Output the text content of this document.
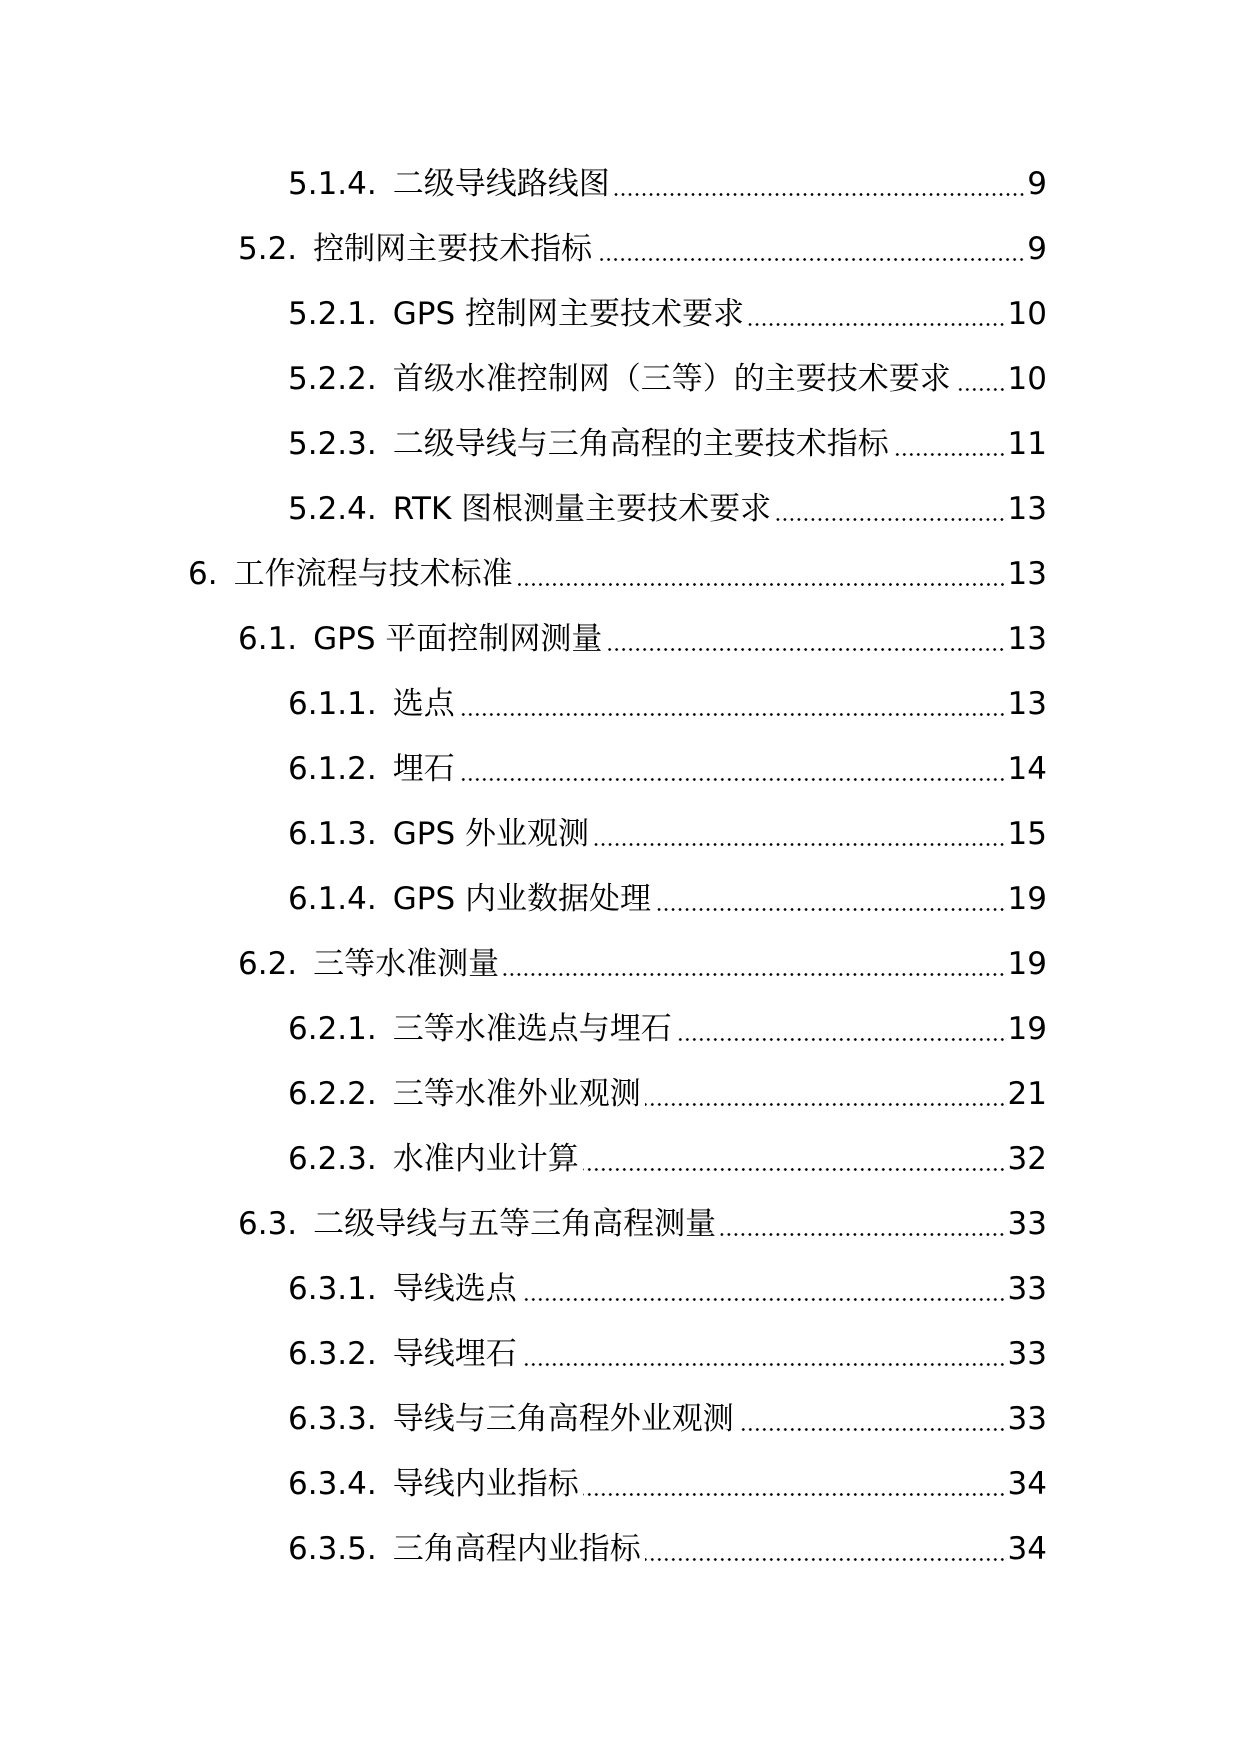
5.1.4. 二级导线路线图	9
5.2. 控制网主要技术指标	9
5.2.1. GPS 控制网主要技术要求	10
5.2.2. 首级水准控制网（三等）的主要技术要求 10
5.2.3. 二级导线与三角高程的主要技术指标	11
5.2.4. RTK 图根测量主要技术要求	13
6. 工作流程与技术标准	13
6.1. GPS 平面控制网测量	13
6.1.1. 选点	13
6.1.2. 埋石	14
6.1.3. GPS 外业观测	15
6.1.4. GPS 内业数据处理	19
6.2. 三等水准测量	19
6.2.1. 三等水准选点与埋石	19
6.2.2. 三等水准外业观测	21
6.2.3. 水准内业计算	32
6.3. 二级导线与五等三角高程测量	33
6.3.1. 导线选点	33
6.3.2. 导线埋石	33
6.3.3. 导线与三角高程外业观测	33
6.3.4. 导线内业指标	34
6.3.5. 三角高程内业指标	34
